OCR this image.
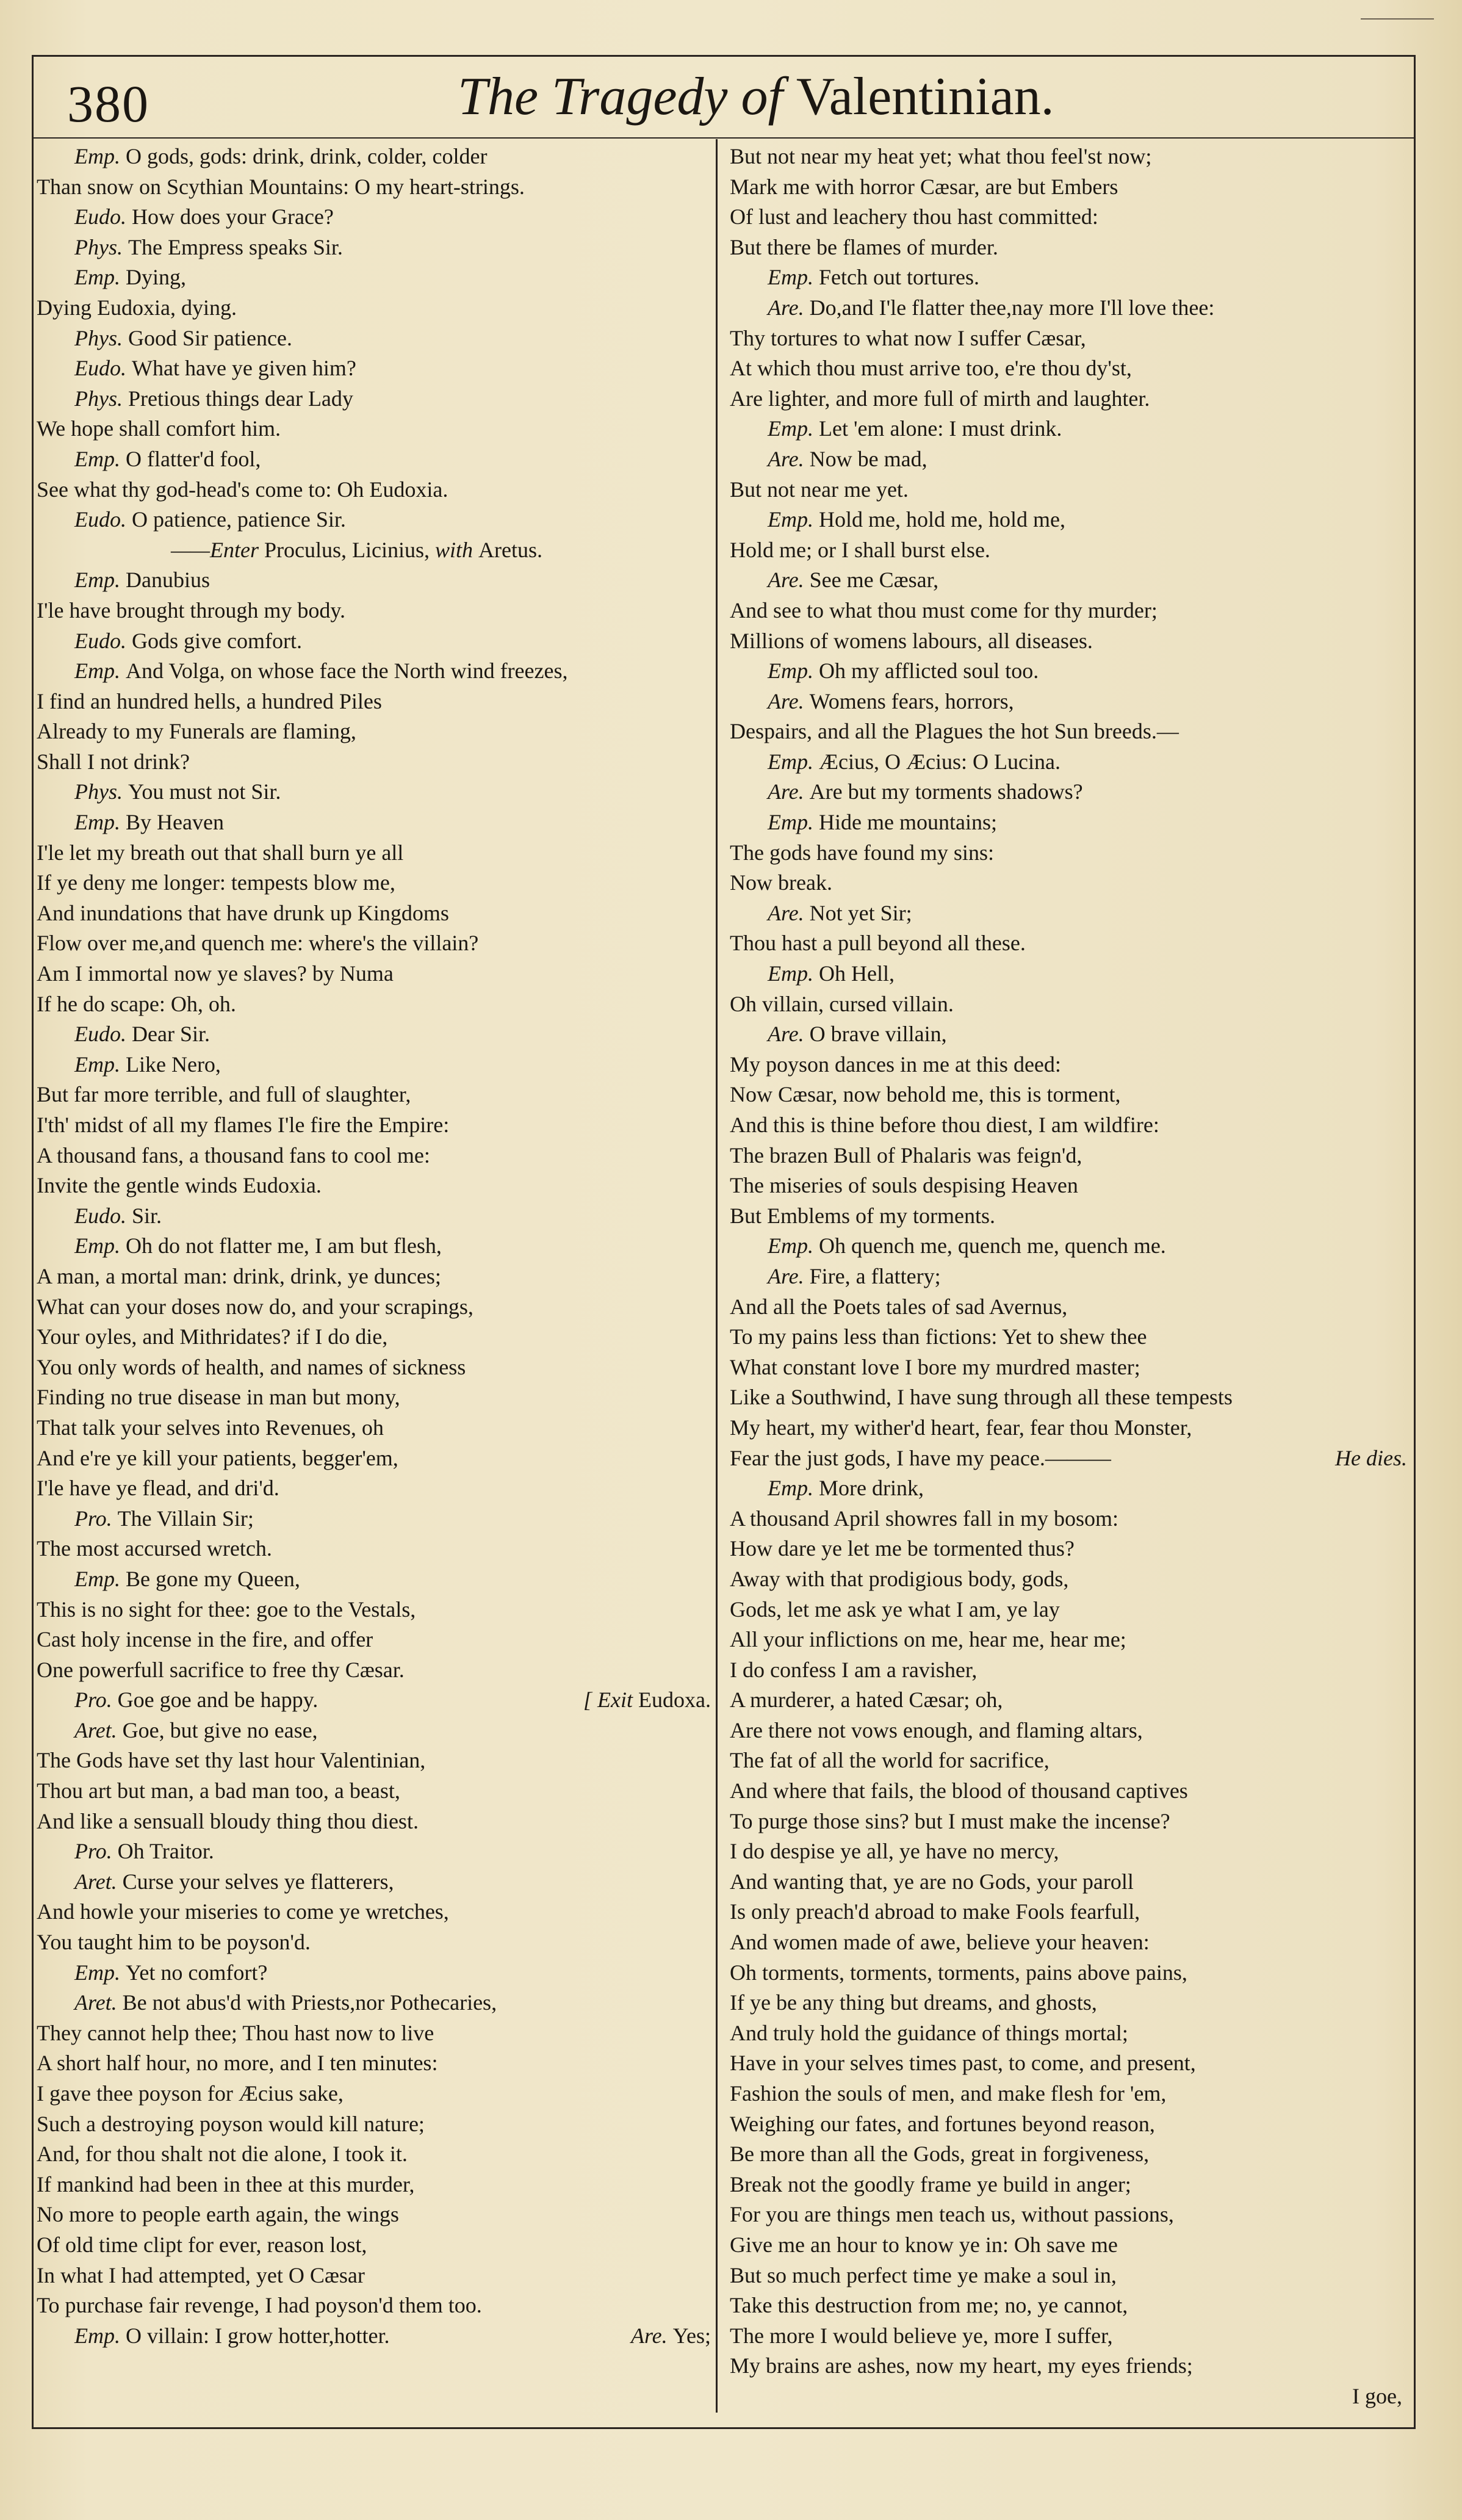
380	The Tragedy of Valentinian.
Emp. O gods, gods: drink, drink, colder, colder
Than snow on Scythian Mountains: O my heart-strings.
Eudo. How does your Grace?
Phys. The Empress speaks Sir.
Emp. Dying,
Dying Eudoxia, dying.
Phys. Good Sir patience.
Eudo. What have ye given him?
Phys. Pretious things dear Lady
We hope shall comfort him.
Emp. O flatter'd fool,
See what thy god-head's come to: Oh Eudoxia.
Eudo. O patience, patience Sir.
——Enter Proculus, Licinius, with Aretus.
Emp. Danubius
I'le have brought through my body.
Eudo. Gods give comfort.
Emp. And Volga, on whose face the North wind freezes,
I find an hundred hells, a hundred Piles
Already to my Funerals are flaming,
Shall I not drink?
Phys. You must not Sir.
Emp. By Heaven
I'le let my breath out that shall burn ye all
If ye deny me longer: tempests blow me,
And inundations that have drunk up Kingdoms
Flow over me,and quench me: where's the villain?
Am I immortal now ye slaves? by Numa
If he do scape: Oh, oh.
Eudo. Dear Sir.
Emp. Like Nero,
But far more terrible, and full of slaughter,
I'th' midst of all my flames I'le fire the Empire:
A thousand fans, a thousand fans to cool me:
Invite the gentle winds Eudoxia.
Eudo. Sir.
Emp. Oh do not flatter me, I am but flesh,
A man, a mortal man: drink, drink, ye dunces;
What can your doses now do, and your scrapings,
Your oyles, and Mithridates? if I do die,
You only words of health, and names of sickness
Finding no true disease in man but mony,
That talk your selves into Revenues, oh
And e're ye kill your patients, begger'em,
I'le have ye flead, and dri'd.
Pro. The Villain Sir;
The most accursed wretch.
Emp. Be gone my Queen,
This is no sight for thee: goe to the Vestals,
Cast holy incense in the fire, and offer
One powerfull sacrifice to free thy Cæsar.
Pro. Goe goe and be happy.	[ Exit Eudoxa.
Aret. Goe, but give no ease,
The Gods have set thy last hour Valentinian,
Thou art but man, a bad man too, a beast,
And like a sensuall bloudy thing thou diest.
Pro. Oh Traitor.
Aret. Curse your selves ye flatterers,
And howle your miseries to come ye wretches,
You taught him to be poyson'd.
Emp. Yet no comfort?
Aret. Be not abus'd with Priests,nor Pothecaries,
They cannot help thee; Thou hast now to live
A short half hour, no more, and I ten minutes:
I gave thee poyson for Æcius sake,
Such a destroying poyson would kill nature;
And, for thou shalt not die alone, I took it.
If mankind had been in thee at this murder,
No more to people earth again, the wings
Of old time clipt for ever, reason lost,
In what I had attempted, yet O Cæsar
To purchase fair revenge, I had poyson'd them too.
Emp. O villain: I grow hotter,hotter.	Are. Yes;
But not near my heat yet; what thou feel'st now;
Mark me with horror Cæsar, are but Embers
Of lust and leachery thou hast committed:
But there be flames of murder.
Emp. Fetch out tortures.
Are. Do,and I'le flatter thee,nay more I'll love thee:
Thy tortures to what now I suffer Cæsar,
At which thou must arrive too, e're thou dy'st,
Are lighter, and more full of mirth and laughter.
Emp. Let 'em alone: I must drink.
Are. Now be mad,
But not near me yet.
Emp. Hold me, hold me, hold me,
Hold me; or I shall burst else.
Are. See me Cæsar,
And see to what thou must come for thy murder;
Millions of womens labours, all diseases.
Emp. Oh my afflicted soul too.
Are. Womens fears, horrors,
Despairs, and all the Plagues the hot Sun breeds.—
Emp. Æcius, O Æcius: O Lucina.
Are. Are but my torments shadows?
Emp. Hide me mountains;
The gods have found my sins:
Now break.
Are. Not yet Sir;
Thou hast a pull beyond all these.
Emp. Oh Hell,
Oh villain, cursed villain.
Are. O brave villain,
My poyson dances in me at this deed:
Now Cæsar, now behold me, this is torment,
And this is thine before thou diest, I am wildfire:
The brazen Bull of Phalaris was feign'd,
The miseries of souls despising Heaven
But Emblems of my torments.
Emp. Oh quench me, quench me, quench me.
Are. Fire, a flattery;
And all the Poets tales of sad Avernus,
To my pains less than fictions: Yet to shew thee
What constant love I bore my murdred master;
Like a Southwind, I have sung through all these tempests
My heart, my wither'd heart, fear, fear thou Monster,
Fear the just gods, I have my peace.———	He dies.
Emp. More drink,
A thousand April showres fall in my bosom:
How dare ye let me be tormented thus?
Away with that prodigious body, gods,
Gods, let me ask ye what I am, ye lay
All your inflictions on me, hear me, hear me;
I do confess I am a ravisher,
A murderer, a hated Cæsar; oh,
Are there not vows enough, and flaming altars,
The fat of all the world for sacrifice,
And where that fails, the blood of thousand captives
To purge those sins? but I must make the incense?
I do despise ye all, ye have no mercy,
And wanting that, ye are no Gods, your paroll
Is only preach'd abroad to make Fools fearfull,
And women made of awe, believe your heaven:
Oh torments, torments, torments, pains above pains,
If ye be any thing but dreams, and ghosts,
And truly hold the guidance of things mortal;
Have in your selves times past, to come, and present,
Fashion the souls of men, and make flesh for 'em,
Weighing our fates, and fortunes beyond reason,
Be more than all the Gods, great in forgiveness,
Break not the goodly frame ye build in anger;
For you are things men teach us, without passions,
Give me an hour to know ye in: Oh save me
But so much perfect time ye make a soul in,
Take this destruction from me; no, ye cannot,
The more I would believe ye, more I suffer,
My brains are ashes, now my heart, my eyes friends;
I goe,
